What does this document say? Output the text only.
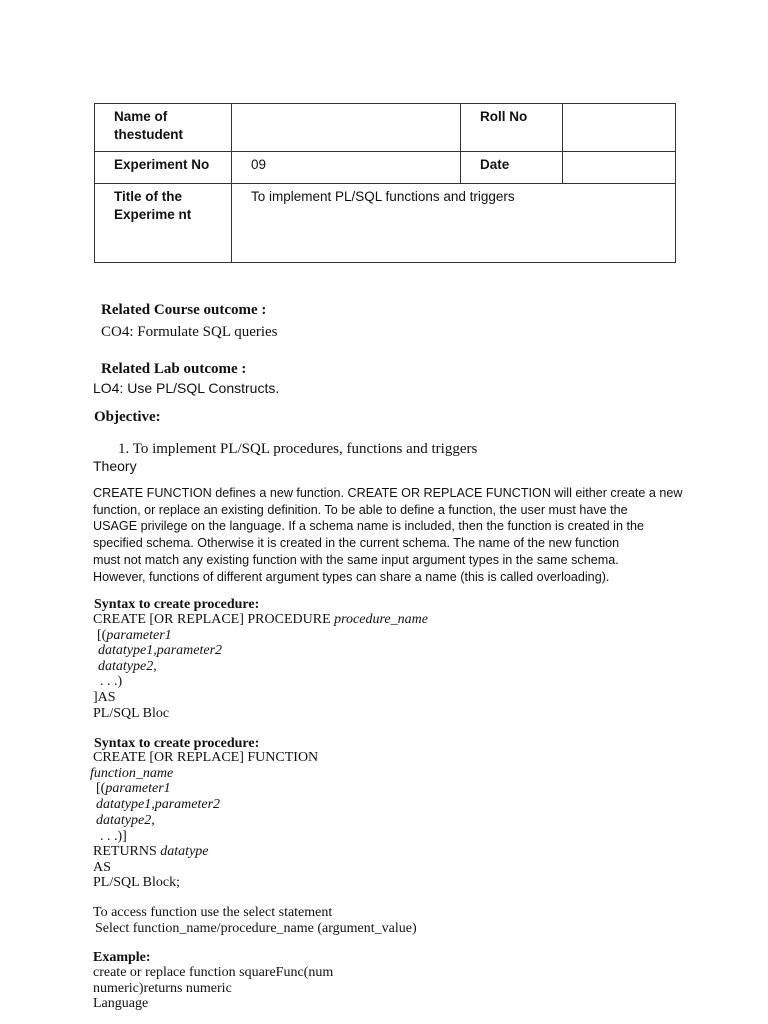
Name of thestudent		Roll No	
Experiment No	09	Date	
Title of the Experime nt	To implement PL/SQL functions and triggers		
Related Course outcome :
CO4: Formulate SQL queries
Related Lab outcome :
LO4: Use PL/SQL Constructs.
Objective:
1. To implement PL/SQL procedures, functions and triggers
Theory

CREATE FUNCTION defines a new function. CREATE OR REPLACE FUNCTION will either create a new

function, or replace an existing definition. To be able to define a function, the user must have the

USAGE privilege on the language. If a schema name is included, then the function is created in the

specified schema. Otherwise it is created in the current schema. The name of the new function

must not match any existing function with the same input argument types in the same schema.

However, functions of different argument types can share a name (this is called overloading).

Syntax to create procedure:
CREATE [OR REPLACE] PROCEDURE procedure_name
[(parameter1
datatype1,parameter2
datatype2,
. . .)
]AS
PL/SQL Bloc
Syntax to create procedure:
CREATE [OR REPLACE] FUNCTION
function_name
[(parameter1
datatype1,parameter2
datatype2,
. . .)]
RETURNS datatype
AS
PL/SQL Block;
To access function use the select statement
Select function_name/procedure_name (argument_value)
Example:
create or replace function squareFunc(num
numeric)returns numeric
Language
